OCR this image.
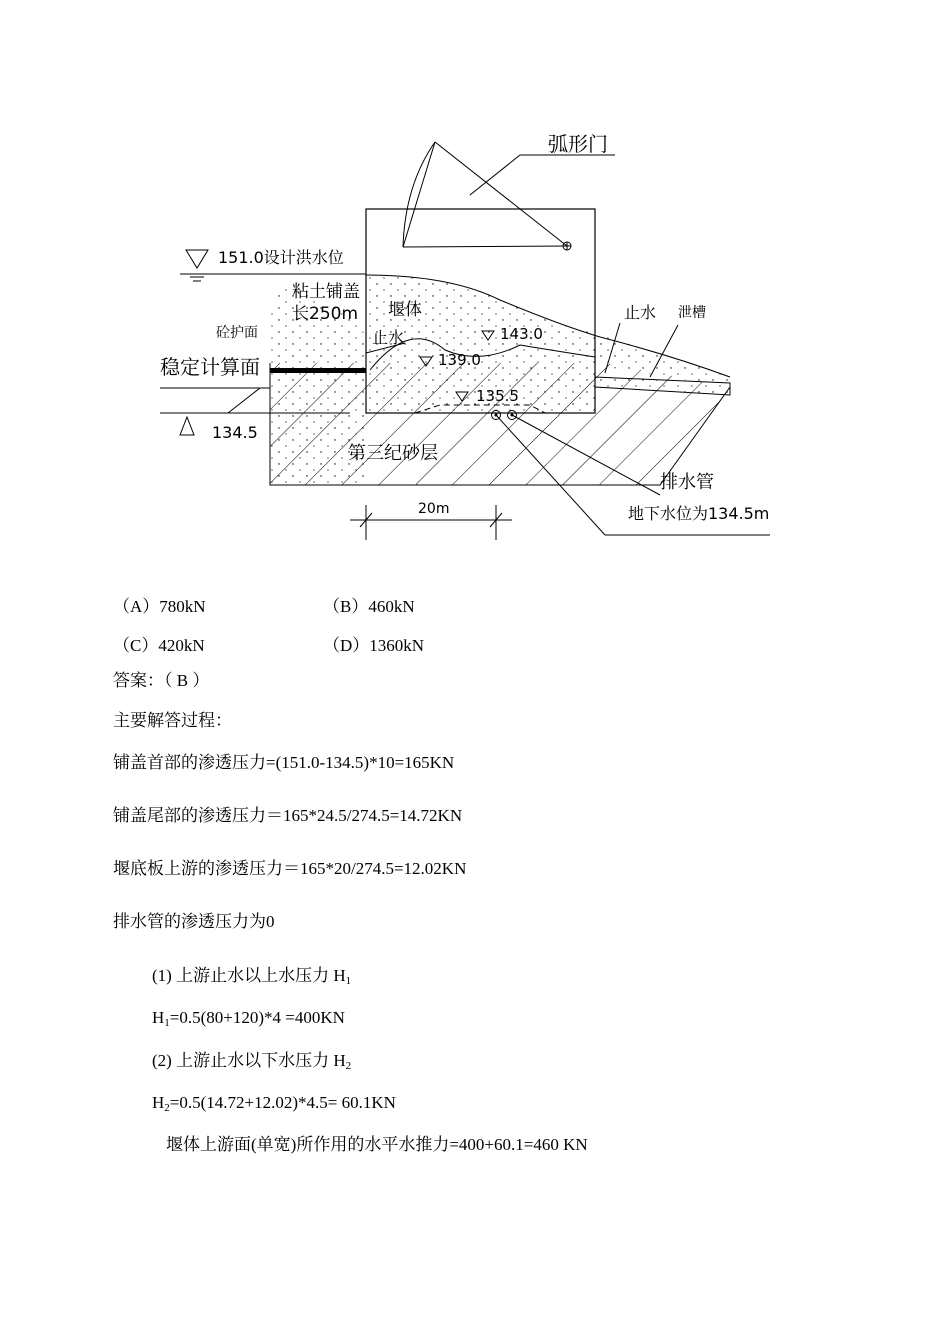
弧形门
151.0设计洪水位
粘土铺盖
长250m 堰体
砼护面	止水
止水 泄槽
稳定计算面
143.0
139.0
135.5
134.5
第三纪砂层
排水管
地下水位为134.5m
20m
（A）780kN	（B）460kN
（C）420kN	（D）1360kN
答案：（ B ）
主要解答过程：
铺盖首部的渗透压力=(151.0-134.5)*10=165KN
铺盖尾部的渗透压力＝165*24.5/274.5=14.72KN
堰底板上游的渗透压力＝165*20/274.5=12.02KN
排水管的渗透压力为0
(1) 上游止水以上水压力 $H_1$
$H_1=0.5(80+120)*4 =400KN$
(2) 上游止水以下水压力 $H_2$
$H_2=0.5(14.72+12.02)*4.5= 60.1KN$
堰体上游面(单宽)所作用的水平水推力=400+60.1=460 KN
